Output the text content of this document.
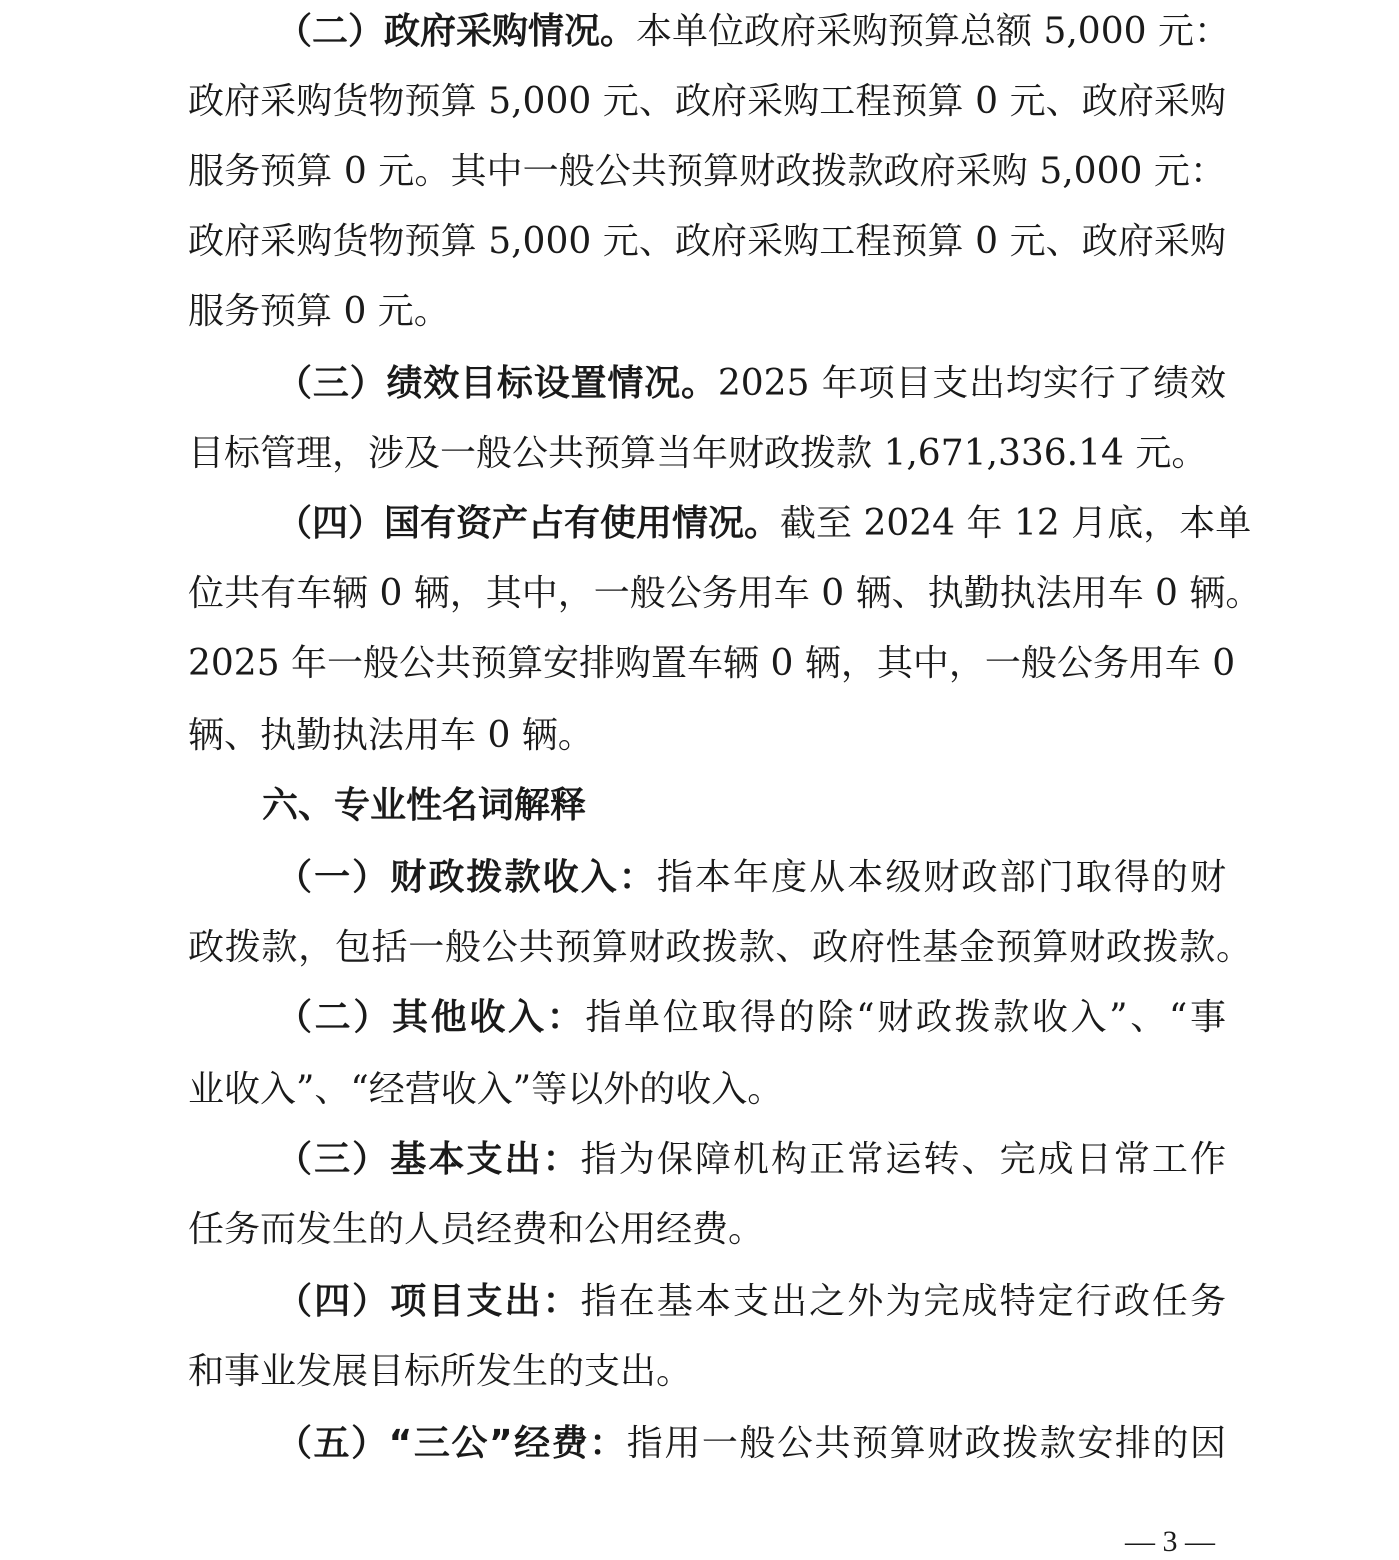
（二）政府采购情况。本单位政府采购预算总额 5,000 元：
政府采购货物预算 5,000 元、政府采购工程预算 0 元、政府采购
服务预算 0 元。其中一般公共预算财政拨款政府采购 5,000 元：
政府采购货物预算 5,000 元、政府采购工程预算 0 元、政府采购
服务预算 0 元。
（三）绩效目标设置情况。2025 年项目支出均实行了绩效
目标管理，涉及一般公共预算当年财政拨款 1,671,336.14 元。
（四）国有资产占有使用情况。截至 2024 年 12 月底，本单
位共有车辆 0 辆，其中，一般公务用车 0 辆、执勤执法用车 0 辆。
2025 年一般公共预算安排购置车辆 0 辆，其中，一般公务用车 0
辆、执勤执法用车 0 辆。
六、专业性名词解释
（一）财政拨款收入：指本年度从本级财政部门取得的财
政拨款，包括一般公共预算财政拨款、政府性基金预算财政拨款。
（二）其他收入：指单位取得的除“财政拨款收入”、“事
业收入”、“经营收入”等以外的收入。
（三）基本支出：指为保障机构正常运转、完成日常工作
任务而发生的人员经费和公用经费。
（四）项目支出：指在基本支出之外为完成特定行政任务
和事业发展目标所发生的支出。
（五）“三公”经费：指用一般公共预算财政拨款安排的因
— 3 —
